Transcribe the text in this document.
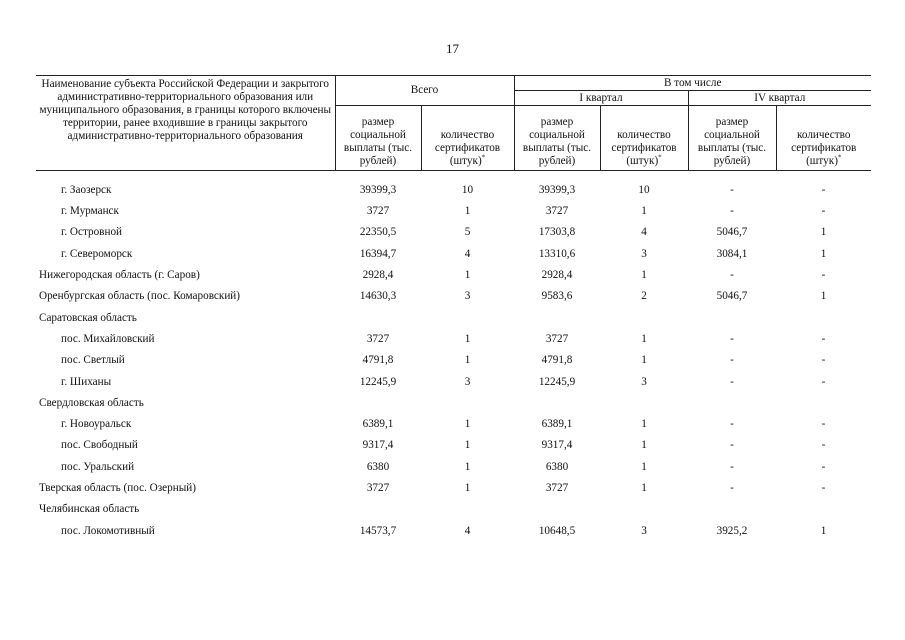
17
Наименование субъекта Российской Федерации и закрытого административно-территориального образования или муниципального образования, в границы которого включены территории, ранее входившие в границы закрытого административно-территориального образования	Всего		В том числе			
			I квартал		IV квартал	
	размер социальной выплаты (тыс. рублей)	количество сертификатов (штук)*	размер социальной выплаты (тыс. рублей)	количество сертификатов (штук)*	размер социальной выплаты (тыс. рублей)	количество сертификатов (штук)*
г. Заозерск	39399,3	10	39399,3	10	-	-
г. Мурманск	3727	1	3727	1	-	-
г. Островной	22350,5	5	17303,8	4	5046,7	1
г. Североморск	16394,7	4	13310,6	3	3084,1	1
Нижегородская область (г. Саров)	2928,4	1	2928,4	1	-	-
Оренбургская область (пос. Комаровский)	14630,3	3	9583,6	2	5046,7	1
Саратовская область						
пос. Михайловский	3727	1	3727	1	-	-
пос. Светлый	4791,8	1	4791,8	1	-	-
г. Шиханы	12245,9	3	12245,9	3	-	-
Свердловская область						
г. Новоуральск	6389,1	1	6389,1	1	-	-
пос. Свободный	9317,4	1	9317,4	1	-	-
пос. Уральский	6380	1	6380	1	-	-
Тверская область (пос. Озерный)	3727	1	3727	1	-	-
Челябинская область						
пос. Локомотивный	14573,7	4	10648,5	3	3925,2	1
